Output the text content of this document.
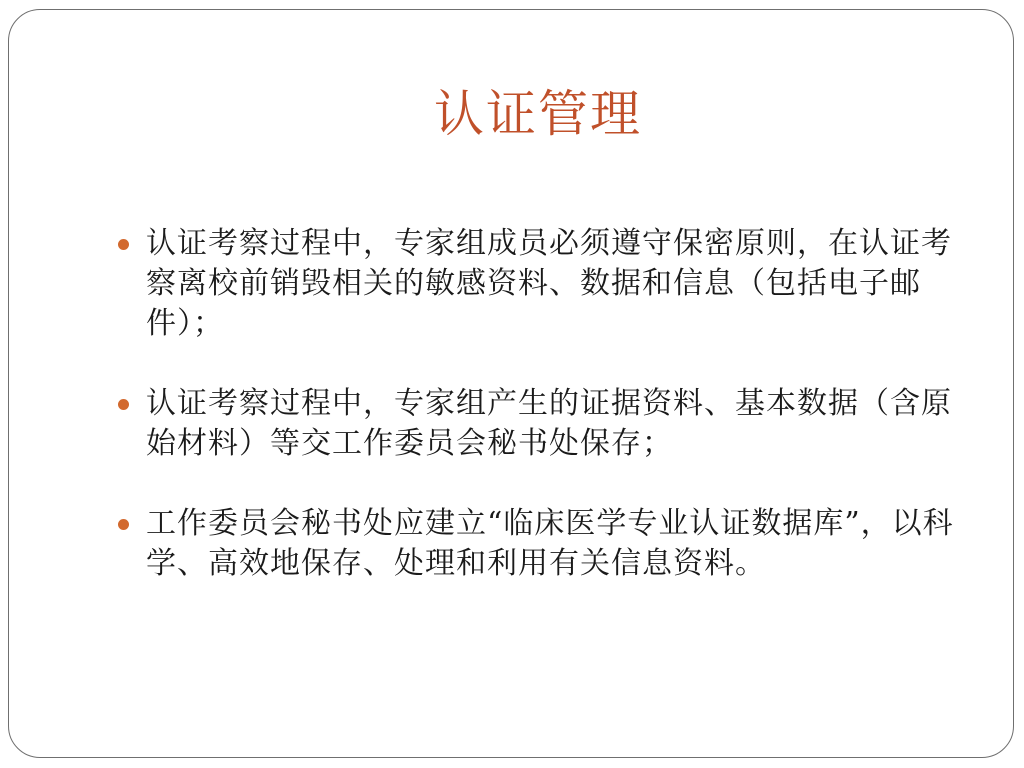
认证管理
认证考察过程中，专家组成员必须遵守保密原则，在认证考察离校前销毁相关的敏感资料、数据和信息（包括电子邮件）；
认证考察过程中，专家组产生的证据资料、基本数据（含原始材料）等交工作委员会秘书处保存；
工作委员会秘书处应建立“临床医学专业认证数据库”，以科学、高效地保存、处理和利用有关信息资料。
